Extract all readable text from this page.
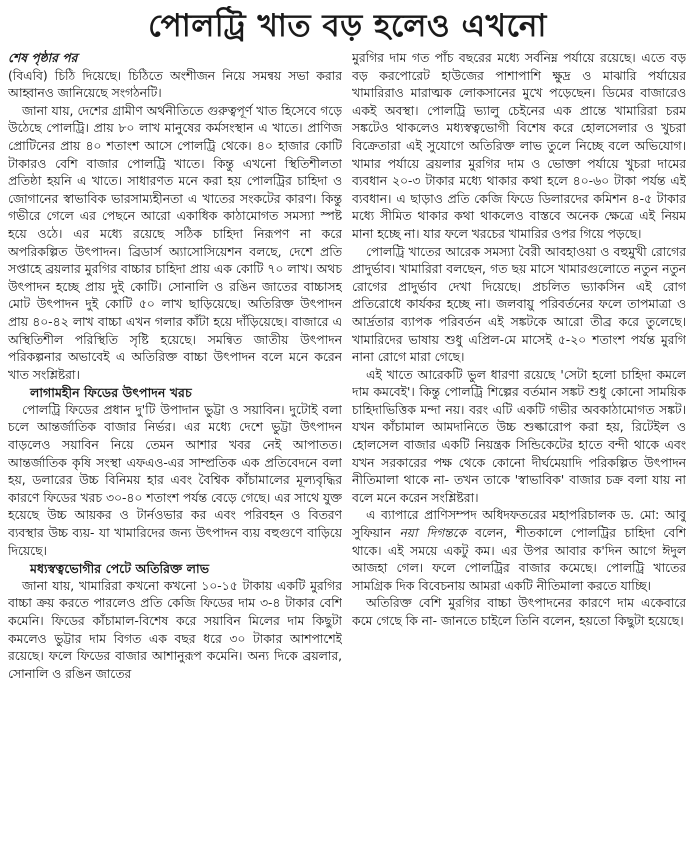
পোলট্রি খাত বড় হলেও এখনো
শেষ পৃষ্ঠার পর

(বিএবি) চিঠি দিয়েছে। চিঠিতে অংশীজন নিয়ে সমন্বয় সভা করার আহ্বানও জানিয়েছে সংগঠনটি।

জানা যায়, দেশের গ্রামীণ অর্থনীতিতে গুরুত্বপূর্ণ খাত হিসেবে গড়ে উঠেছে পোলট্রি। প্রায় ৮০ লাখ মানুষের কর্মসংস্থান এ খাতে। প্রাণিজ প্রোটিনের প্রায় ৪০ শতাংশ আসে পোলট্রি থেকে। ৪০ হাজার কোটি টাকারও বেশি বাজার পোলট্রি খাতে। কিন্তু এখনো স্থিতিশীলতা প্রতিষ্ঠা হয়নি এ খাতে। সাধারণত মনে করা হয় পোলট্রির চাহিদা ও জোগানের স্বাভাবিক ভারসাম্যহীনতা এ খাতের সংকটের কারণ। কিন্তু গভীরে গেলে এর পেছনে আরো একাধিক কাঠামোগত সমস্যা স্পষ্ট হয়ে ওঠে। এর মধ্যে রয়েছে সঠিক চাহিদা নিরূপণ না করে অপরিকল্পিত উৎপাদন। ব্রিডার্স অ্যাসোসিয়েশন বলছে, দেশে প্রতি সপ্তাহে ব্রয়লার মুরগির বাচ্চার চাহিদা প্রায় এক কোটি ৭০ লাখ। অথচ উৎপাদন হচ্ছে প্রায় দুই কোটি। সোনালি ও রঙিন জাতের বাচ্চাসহ মোট উৎপাদন দুই কোটি ৫০ লাখ ছাড়িয়েছে। অতিরিক্ত উৎপাদন প্রায় ৪০-৪২ লাখ বাচ্চা এখন গলার কাঁটা হয়ে দাঁড়িয়েছে। বাজারে এ অস্থিতিশীল পরিস্থিতি সৃষ্টি হয়েছে। সমন্বিত জাতীয় উৎপাদন পরিকল্পনার অভাবেই এ অতিরিক্ত বাচ্চা উৎপাদন বলে মনে করেন খাত সংশ্লিষ্টরা।

লাগামহীন ফিডের উৎপাদন খরচ

পোলট্রি ফিডের প্রধান দু'টি উপাদান ভুট্টা ও সয়াবিন। দুটোই বলা চলে আন্তর্জাতিক বাজার নির্ভর। এর মধ্যে দেশে ভুট্টা উৎপাদন বাড়লেও সয়াবিন নিয়ে তেমন আশার খবর নেই আপাতত। আন্তর্জাতিক কৃষি সংস্থা এফএও-এর সাম্প্রতিক এক প্রতিবেদনে বলা হয়, ডলারের উচ্চ বিনিময় হার এবং বৈশ্বিক কাঁচামালের মূল্যবৃদ্ধির কারণে ফিডের খরচ ৩০-৪০ শতাংশ পর্যন্ত বেড়ে গেছে। এর সাথে যুক্ত হয়েছে উচ্চ আয়কর ও টার্নওভার কর এবং পরিবহন ও বিতরণ ব্যবস্থার উচ্চ ব্যয়- যা খামারিদের জন্য উৎপাদন ব্যয় বহুগুণে বাড়িয়ে দিয়েছে।

মধ্যস্বত্বভোগীর পেটে অতিরিক্ত লাভ

জানা যায়, খামারিরা কখনো কখনো ১০-১৫ টাকায় একটি মুরগির বাচ্চা ক্রয় করতে পারলেও প্রতি কেজি ফিডের দাম ৩-৪ টাকার বেশি কমেনি। ফিডের কাঁচামাল-বিশেষ করে সয়াবিন মিলের দাম কিছুটা কমলেও ভুট্টার দাম বিগত এক বছর ধরে ৩০ টাকার আশপাশেই রয়েছে। ফলে ফিডের বাজার আশানুরূপ কমেনি। অন্য দিকে ব্রয়লার, সোনালি ও রঙিন জাতের

মুরগির দাম গত পাঁচ বছরের মধ্যে সর্বনিম্ন পর্যায়ে রয়েছে। এতে বড় বড় করপোরেট হাউজের পাশাপাশি ক্ষুদ্র ও মাঝারি পর্যায়ের খামারিরাও মারাত্মক লোকসানের মুখে পড়েছেন। ডিমের বাজারেও একই অবস্থা। পোলট্রি ভ্যালু চেইনের এক প্রান্তে খামারিরা চরম সঙ্কটেও থাকলেও মধ্যস্বত্বভোগী বিশেষ করে হোলসেলার ও খুচরা বিক্রেতারা এই সুযোগে অতিরিক্ত লাভ তুলে নিচ্ছে বলে অভিযোগ। খামার পর্যায়ে ব্রয়লার মুরগির দাম ও ভোক্তা পর্যায়ে খুচরা দামের ব্যবধান ২০-৩ টাকার মধ্যে থাকার কথা হলে ৪০-৬০ টাকা পর্যন্ত এই ব্যবধান। এ ছাড়াও প্রতি কেজি ফিডে ডিলারদের কমিশন ৪-৫ টাকার মধ্যে সীমিত থাকার কথা থাকলেও বাস্তবে অনেক ক্ষেত্রে এই নিয়ম মানা হচ্ছে না। যার ফলে খরচের খামারির ওপর গিয়ে পড়ছে।

পোলট্রি খাতের আরেক সমস্যা বৈরী আবহাওয়া ও বহুমুখী রোগের প্রাদুর্ভাব। খামারিরা বলছেন, গত ছয় মাসে খামারগুলোতে নতুন নতুন রোগের প্রাদুর্ভাব দেখা দিয়েছে। প্রচলিত ভ্যাকসিন এই রোগ প্রতিরোধে কার্যকর হচ্ছে না। জলবায়ু পরিবর্তনের ফলে তাপমাত্রা ও আর্দ্রতার ব্যাপক পরিবর্তন এই সঙ্কটকে আরো তীব্র করে তুলেছে। খামারিদের ভাষায় শুধু এপ্রিল-মে মাসেই ৫-২০ শতাংশ পর্যন্ত মুরগি নানা রোগে মারা গেছে।

এই খাতে আরেকটি ভুল ধারণা রয়েছে 'সেটা হলো চাহিদা কমলে দাম কমবেই'। কিন্তু পোলট্রি শিল্পের বর্তমান সঙ্কট শুধু কোনো সাময়িক চাহিদাভিত্তিক মন্দা নয়। বরং এটি একটি গভীর অবকাঠামোগত সঙ্কট। যখন কাঁচামাল আমদানিতে উচ্চ শুল্কারোপ করা হয়, রিটেইল ও হোলসেল বাজার একটি নিয়ন্ত্রক সিন্ডিকেটের হাতে বন্দী থাকে এবং যখন সরকারের পক্ষ থেকে কোনো দীর্ঘমেয়াদি পরিকল্পিত উৎপাদন নীতিমালা থাকে না- তখন তাকে 'স্বাভাবিক' বাজার চক্র বলা যায় না বলে মনে করেন সংশ্লিষ্টরা।

এ ব্যাপারে প্রাণিসম্পদ অধিদফতরের মহাপরিচালক ড. মো: আবু সুফিয়ান নয়া দিগন্তকে বলেন, শীতকালে পোলট্রির চাহিদা বেশি থাকে। এই সময়ে একটু কম। এর উপর আবার ক'দিন আগে ঈদুল আজহা গেল। ফলে পোলট্রির বাজার কমেছে। পোলট্রি খাতের সামগ্রিক দিক বিবেচনায় আমরা একটি নীতিমালা করতে যাচ্ছি।

অতিরিক্ত বেশি মুরগির বাচ্চা উৎপাদনের কারণে দাম একেবারে কমে গেছে কি না- জানতে চাইলে তিনি বলেন, হয়তো কিছুটা হয়েছে।
